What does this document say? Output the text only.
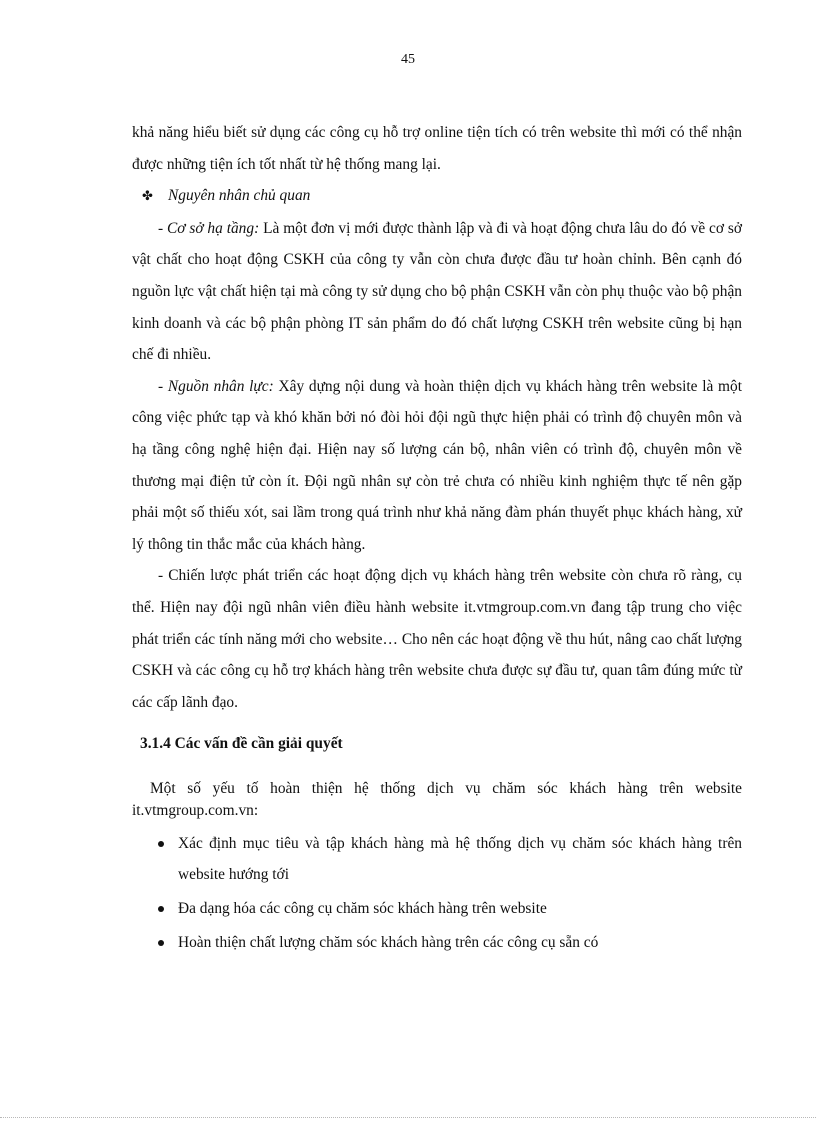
45

khả năng hiểu biết sử dụng các công cụ hỗ trợ online tiện tích có trên website thì mới có thể nhận được những tiện ích tốt nhất từ hệ thống mang lại.

✤ Nguyên nhân chủ quan

- Cơ sở hạ tầng: Là một đơn vị mới được thành lập và đi và hoạt động chưa lâu do đó về cơ sở vật chất cho hoạt động CSKH của công ty vẫn còn chưa được đầu tư hoàn chỉnh. Bên cạnh đó nguồn lực vật chất hiện tại mà công ty sử dụng cho bộ phận CSKH vẫn còn phụ thuộc vào bộ phận kinh doanh và các bộ phận phòng IT sản phẩm do đó chất lượng CSKH trên website cũng bị hạn chế đi nhiều.

- Nguồn nhân lực: Xây dựng nội dung và hoàn thiện dịch vụ khách hàng trên website là một công việc phức tạp và khó khăn bởi nó đòi hỏi đội ngũ thực hiện phải có trình độ chuyên môn và hạ tầng công nghệ hiện đại. Hiện nay số lượng cán bộ, nhân viên có trình độ, chuyên môn về thương mại điện tử còn ít. Đội ngũ nhân sự còn trẻ chưa có nhiều kinh nghiệm thực tế nên gặp phải một số thiếu xót, sai lầm trong quá trình như khả năng đàm phán thuyết phục khách hàng, xử lý thông tin thắc mắc của khách hàng.

- Chiến lược phát triển các hoạt động dịch vụ khách hàng trên website còn chưa rõ ràng, cụ thể. Hiện nay đội ngũ nhân viên điều hành website it.vtmgroup.com.vn đang tập trung cho việc phát triển các tính năng mới cho website… Cho nên các hoạt động về thu hút, nâng cao chất lượng CSKH và các công cụ hỗ trợ khách hàng trên website chưa được sự đầu tư, quan tâm đúng mức từ các cấp lãnh đạo.

3.1.4 Các vấn đề cần giải quyết

Một số yếu tố hoàn thiện hệ thống dịch vụ chăm sóc khách hàng trên website it.vtmgroup.com.vn:

Xác định mục tiêu và tập khách hàng mà hệ thống dịch vụ chăm sóc khách hàng trên website hướng tới
Đa dạng hóa các công cụ chăm sóc khách hàng trên website
Hoàn thiện chất lượng chăm sóc khách hàng trên các công cụ sẵn có
